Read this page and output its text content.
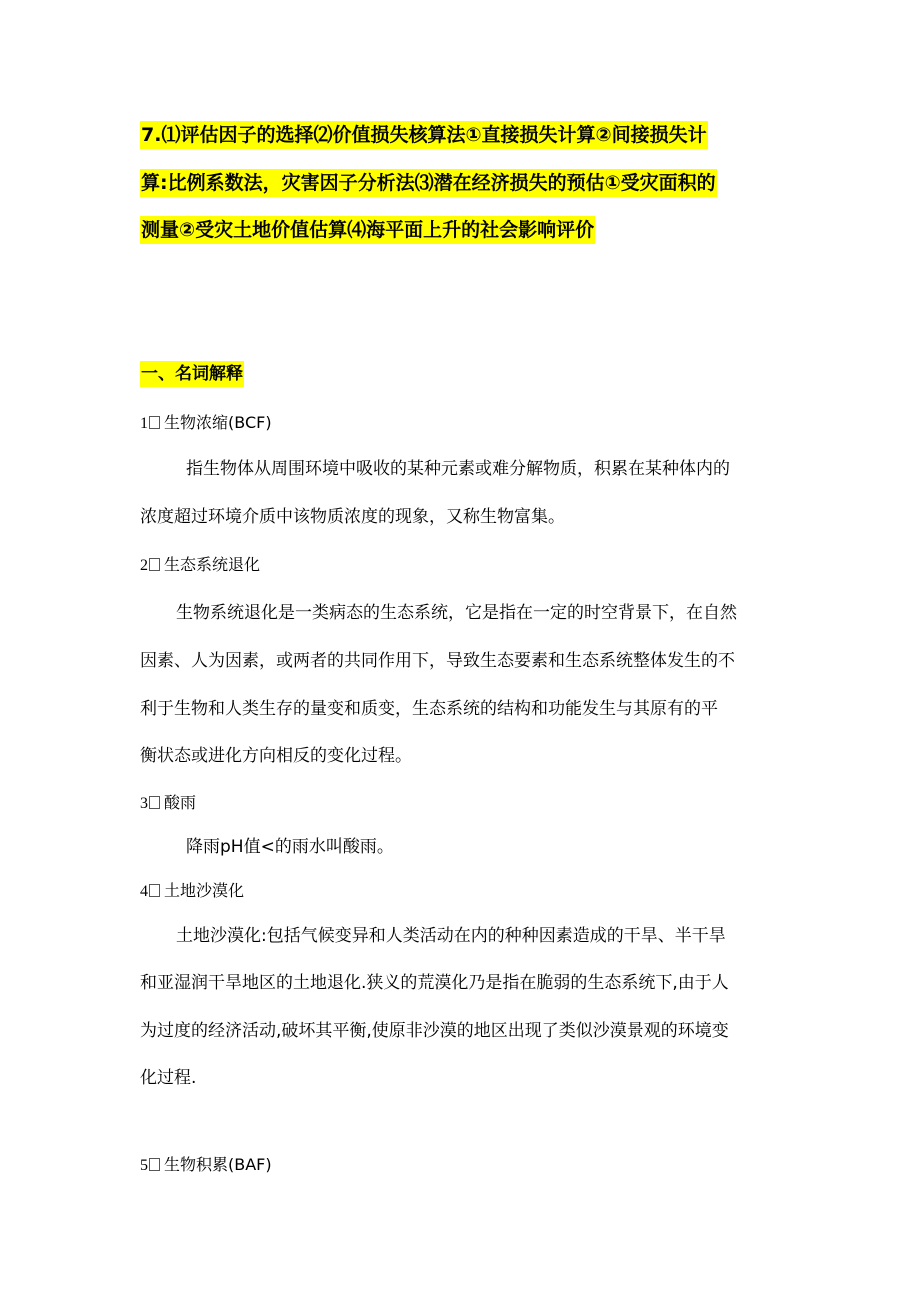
7.⑴评估因子的选择⑵价值损失核算法①直接损失计算②间接损失计
算:比例系数法，灾害因子分析法⑶潜在经济损失的预估①受灾面积的
测量②受灾土地价值估算⑷海平面上升的社会影响评价
一、名词解释
1 生物浓缩(BCF)
指生物体从周围环境中吸收的某种元素或难分解物质，积累在某种体内的
浓度超过环境介质中该物质浓度的现象，又称生物富集。
2 生态系统退化
生物系统退化是一类病态的生态系统，它是指在一定的时空背景下，在自然
因素、人为因素，或两者的共同作用下，导致生态要素和生态系统整体发生的不
利于生物和人类生存的量变和质变，生态系统的结构和功能发生与其原有的平
衡状态或进化方向相反的变化过程。
3 酸雨
降雨pH值<的雨水叫酸雨。
4 土地沙漠化
土地沙漠化:包括气候变异和人类活动在内的种种因素造成的干旱、半干旱
和亚湿润干旱地区的土地退化.狭义的荒漠化乃是指在脆弱的生态系统下,由于人
为过度的经济活动,破坏其平衡,使原非沙漠的地区出现了类似沙漠景观的环境变
化过程.
5 生物积累(BAF)
